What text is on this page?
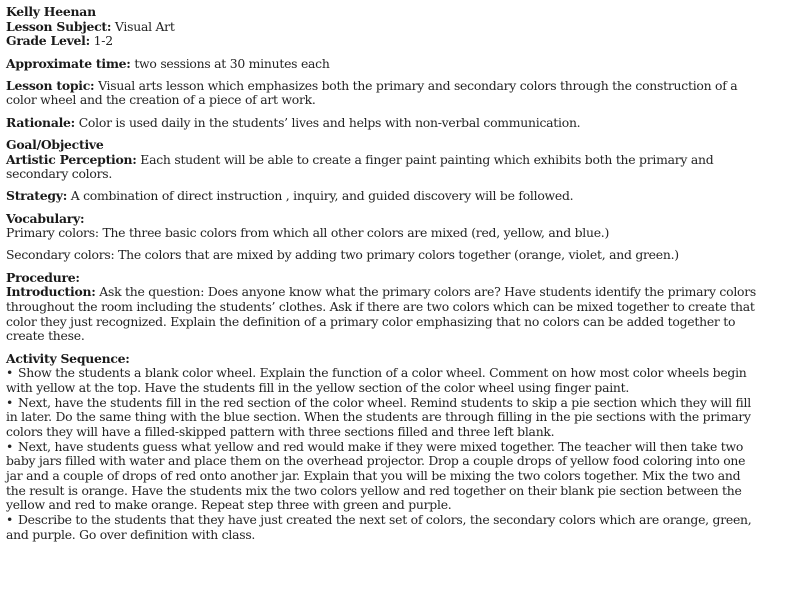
Kelly Heenan
Lesson Subject: Visual Art
Grade Level: 1-2
Approximate time: two sessions at 30 minutes each
Lesson topic: Visual arts lesson which emphasizes both the primary and secondary colors through the construction of a
color wheel and the creation of a piece of art work.
Rationale: Color is used daily in the students’ lives and helps with non-verbal communication.
Goal/Objective
Artistic Perception: Each student will be able to create a finger paint painting which exhibits both the primary and
secondary colors.
Strategy: A combination of direct instruction , inquiry, and guided discovery will be followed.
Vocabulary:
Primary colors: The three basic colors from which all other colors are mixed (red, yellow, and blue.)
Secondary colors: The colors that are mixed by adding two primary colors together (orange, violet, and green.)
Procedure:
Introduction: Ask the question: Does anyone know what the primary colors are? Have students identify the primary colors
throughout the room including the students’ clothes. Ask if there are two colors which can be mixed together to create that
color they just recognized. Explain the definition of a primary color emphasizing that no colors can be added together to
create these.
Activity Sequence:
• Show the students a blank color wheel. Explain the function of a color wheel. Comment on how most color wheels begin
with yellow at the top. Have the students fill in the yellow section of the color wheel using finger paint.
• Next, have the students fill in the red section of the color wheel. Remind students to skip a pie section which they will fill
in later. Do the same thing with the blue section. When the students are through filling in the pie sections with the primary
colors they will have a filled-skipped pattern with three sections filled and three left blank.
• Next, have students guess what yellow and red would make if they were mixed together. The teacher will then take two
baby jars filled with water and place them on the overhead projector. Drop a couple drops of yellow food coloring into one
jar and a couple of drops of red onto another jar. Explain that you will be mixing the two colors together. Mix the two and
the result is orange. Have the students mix the two colors yellow and red together on their blank pie section between the
yellow and red to make orange. Repeat step three with green and purple.
• Describe to the students that they have just created the next set of colors, the secondary colors which are orange, green,
and purple. Go over definition with class.
